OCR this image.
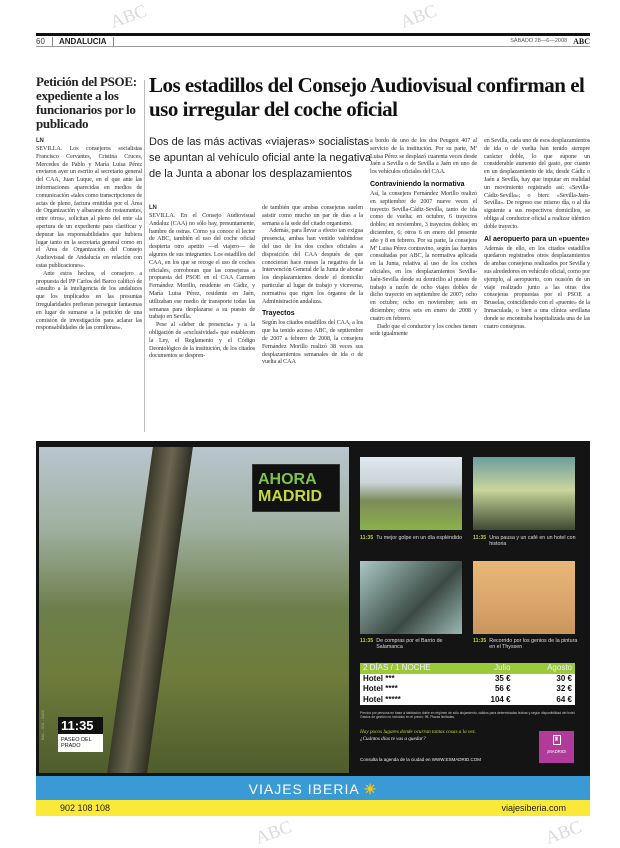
60	ANDALUCIA	SÁBADO 28—6—2008 ABC
Petición del PSOE: expediente a los funcionarios por lo publicado
LN

SEVILLA. Los consejeros socialistas Francisco Cervantes, Cristina Cruces, Mercedes de Pablo y María Luisa Pérez enviaron ayer un escrito al secretario general del CAA, Juan Luque, en el que ante las informaciones aparecidas en medios de comunicación «tales como transcripciones de actas de pleno, factura emitidas por el Área de Organización y albaranes de restaurantes, entre otros», solicitan al pleno del ente «la apertura de un expediente para clarificar y depurar las responsabilidades que hubiera lugar tanto en la secretaría general como en el Área de Organización del Consejo Audiovisual de Andalucía en relación con estas publicaciones».

Ante estos hechos, el consejero a propuesta del PP Carlos del Barco calificó de «insulto a la inteligencia de los andaluces que los implicados en las presuntas irregularidades prefieran perseguir fantasmas en lugar de sumarse a la petición de una comisión de investigación para aclarar las responsabilidades de las comilonas».

Los estadillos del Consejo Audiovisual confirman el uso irregular del coche oficial
Dos de las más activas «viajeras» socialistas se apuntan al vehículo oficial ante la negativa de la Junta a abonar los desplazamientos
LN

SEVILLA. En el Consejo Audiovisual Andaluz (CAA) no sólo hay, presuntamente, hambre de ostras. Como ya conoce el lector de ABC, también el uso del coche oficial despierta otro apetito —el viajero— de algunos de sus integrantes. Los estadillos del CAA, en los que se recoge el uso de coches oficiales, corroboran que las consejeras a propuesta del PSOE en el CAA Carmen Fernández Morillo, residente en Cádiz, y María Luisa Pérez, residente en Jaén, utilizaban ese medio de transporte todas las semanas para desplazarse a su puesto de trabajo en Sevilla.

Pese al «deber de presencia» y a la obligación de «exclusividad» que establecen la Ley, el Reglamento y el Código Deontológico de la institución, de los citados documentos se despren-

de también que ambas consejeras suelen asistir como mucho un par de días a la semana a la sede del citado organismo.

Además, para llevar a efecto tan exigua presencia, ambas han venido valiéndose del uso de los dos coches oficiales a disposición del CAA después de que conocieran hace meses la negativa de la Intervención General de la Junta de abonar los desplazamientos desde el domicilio particular al lugar de trabajo y viceversa, normativa que rigen los órganos de la Administración andaluza.

Trayectos

Según los citados estadillos del CAA, a los que ha tenido acceso ABC, de septiembre de 2007 a febrero de 2008, la consejera Fernández Morillo realizó 38 veces sus desplazamientos semanales de ida o de vuelta al CAA

a bordo de uno de los dos Peugeot 407 al servicio de la institución. Por su parte, Mª Luisa Pérez se desplazó cuarenta veces desde Jaén a Sevilla o de Sevilla a Jaén en uno de los vehículos oficiales del CAA.

Contraviniendo la normativa

Así, la consejera Fernández Morillo realizó en septiembre de 2007 nueve veces el trayecto Sevilla-Cádiz-Sevilla, tanto de ida como de vuelta; en octubre, 6 trayectos dobles; en noviembre, 3 trayectos dobles; en diciembre, 6; otros 6 en enero del presente año y 8 en febrero. Por su parte, la consejera Mª Luisa Pérez contravino, según las fuentes consultadas por ABC, la normativa aplicada en la Junta, relativa al uso de los coches oficiales, en los desplazamientos Sevilla-Jaén-Sevilla desde su domicilio al puesto de trabajo a razón de ocho viajes dobles de dicho trayecto en septiembre de 2007; ocho en octubre; ocho en noviembre; seis en diciembre; otros seis en enero de 2008 y cuatro en febrero.

Dado que el conductor y los coches tienen sede igualmente

en Sevilla, cada uno de esos desplazamientos de ida o de vuelta han tenido siempre carácter doble, lo que supone un considerable aumento del gasto, por cuanto en un desplazamiento de ida, desde Cádiz o Jaén a Sevilla, hay que imputar en realidad un movimiento registrado así: «Sevilla-Cádiz-Sevilla»; o bien: «Sevilla-Jaén-Sevilla». De regreso ese mismo día, o al día siguiente a sus respectivos domicilios, se obliga al conductor oficial a realizar idéntico doble trayecto.

Al aeropuerto para un «puente»

Además de ello, en los citados estadillos quedaron registrados otros desplazamientos de ambas consejeras realizados por Sevilla y sus alrededores en vehículo oficial, como por ejemplo, al aeropuerto, con ocasión de un viaje realizado junto a las otras dos consejeras propuestas por el PSOE a Bruselas, coincidiendo con el «puente» de la Inmaculada, o bien a una clínica sevillana donde se encontraba hospitalizada una de las cuatro consejeras.

BAL - 001 - AAM 11:35
PASEO DEL PRADO
AHORA
MADRID
11:35 Tu mejor golpe en un día espléndido 11:35 Una pausa y un café en un hotel con historia
11:35 De compras por el Barrio de Salamanca
11:35 Recorrido por los genios de la pintura en el Thyssen
2 DÍAS / 1 NOCHE	Julio	Agosto
Hotel ***	35 €	30 €
Hotel ****	56 €	32 €
Hotel *****	104 €	64 €
Precios por persona en base a habitación doble en régimen de sólo alojamiento, válidos para determinadas fechas y según disponibilidad del hotel. Gastos de gestión no incluidos en el precio: 9€. Plazas limitadas.
Hay pocos lugares donde ocurran tantas cosas a la vez.
¿Cuántos días te vas a quedar?
Consulta la agenda de la ciudad en WWW.ESMADRID.COM
♜
¡MADRID!
VIAJES IBERIA ☀
902 108 108	viajesiberia.com
ABC	ABC
ABC	ABC
